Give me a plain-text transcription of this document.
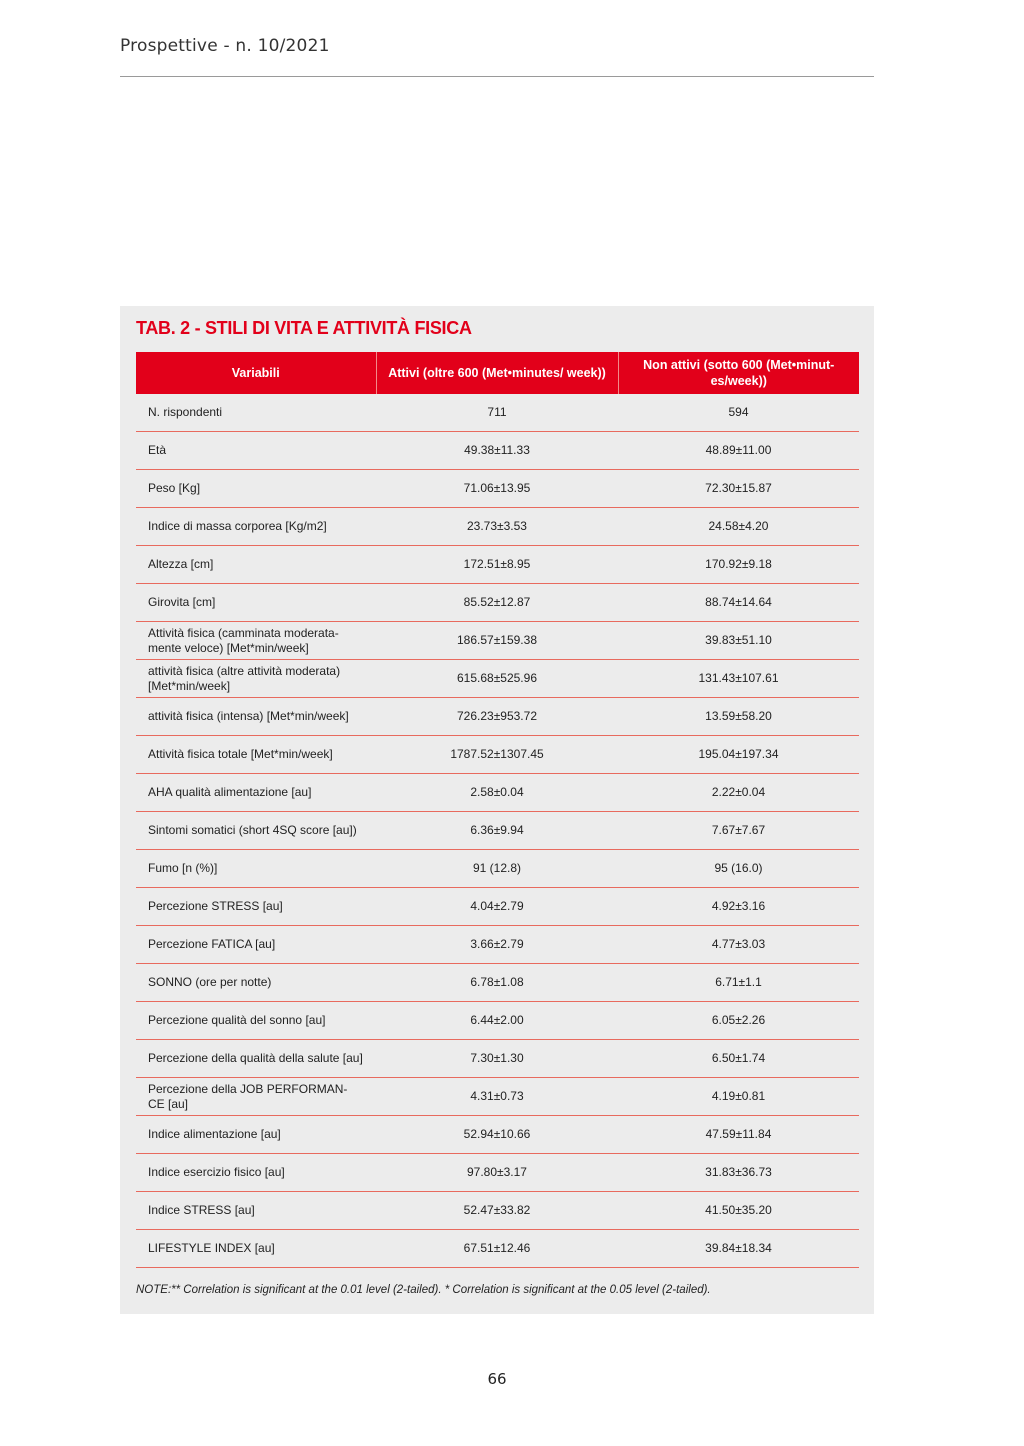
Prospettive - n. 10/2021
TAB. 2 - STILI DI VITA E ATTIVITÀ FISICA
Variabili	Attivi (oltre 600 (Met•minutes/ week))	Non attivi (sotto 600 (Met•minut- es/week))
N. rispondenti	711	594
Età	49.38±11.33	48.89±11.00
Peso [Kg]	71.06±13.95	72.30±15.87
Indice di massa corporea [Kg/m2]	23.73±3.53	24.58±4.20
Altezza [cm]	172.51±8.95	170.92±9.18
Girovita [cm]	85.52±12.87	88.74±14.64
Attività fisica (camminata moderata- mente veloce) [Met*min/week]	186.57±159.38	39.83±51.10
attività fisica (altre attività moderata) [Met*min/week]	615.68±525.96	131.43±107.61
attività fisica (intensa) [Met*min/week]	726.23±953.72	13.59±58.20
Attività fisica totale [Met*min/week]	1787.52±1307.45	195.04±197.34
AHA qualità alimentazione [au]	2.58±0.04	2.22±0.04
Sintomi somatici (short 4SQ score [au])	6.36±9.94	7.67±7.67
Fumo [n (%)]	91 (12.8)	95 (16.0)
Percezione STRESS [au]	4.04±2.79	4.92±3.16
Percezione FATICA [au]	3.66±2.79	4.77±3.03
SONNO (ore per notte)	6.78±1.08	6.71±1.1
Percezione qualità del sonno [au]	6.44±2.00	6.05±2.26
Percezione della qualità della salute [au]	7.30±1.30	6.50±1.74
Percezione della JOB PERFORMAN- CE [au]	4.31±0.73	4.19±0.81
Indice alimentazione [au]	52.94±10.66	47.59±11.84
Indice esercizio fisico [au]	97.80±3.17	31.83±36.73
Indice STRESS [au]	52.47±33.82	41.50±35.20
LIFESTYLE INDEX [au]	67.51±12.46	39.84±18.34
NOTE:** Correlation is significant at the 0.01 level (2-tailed). * Correlation is significant at the 0.05 level (2-tailed).
66
